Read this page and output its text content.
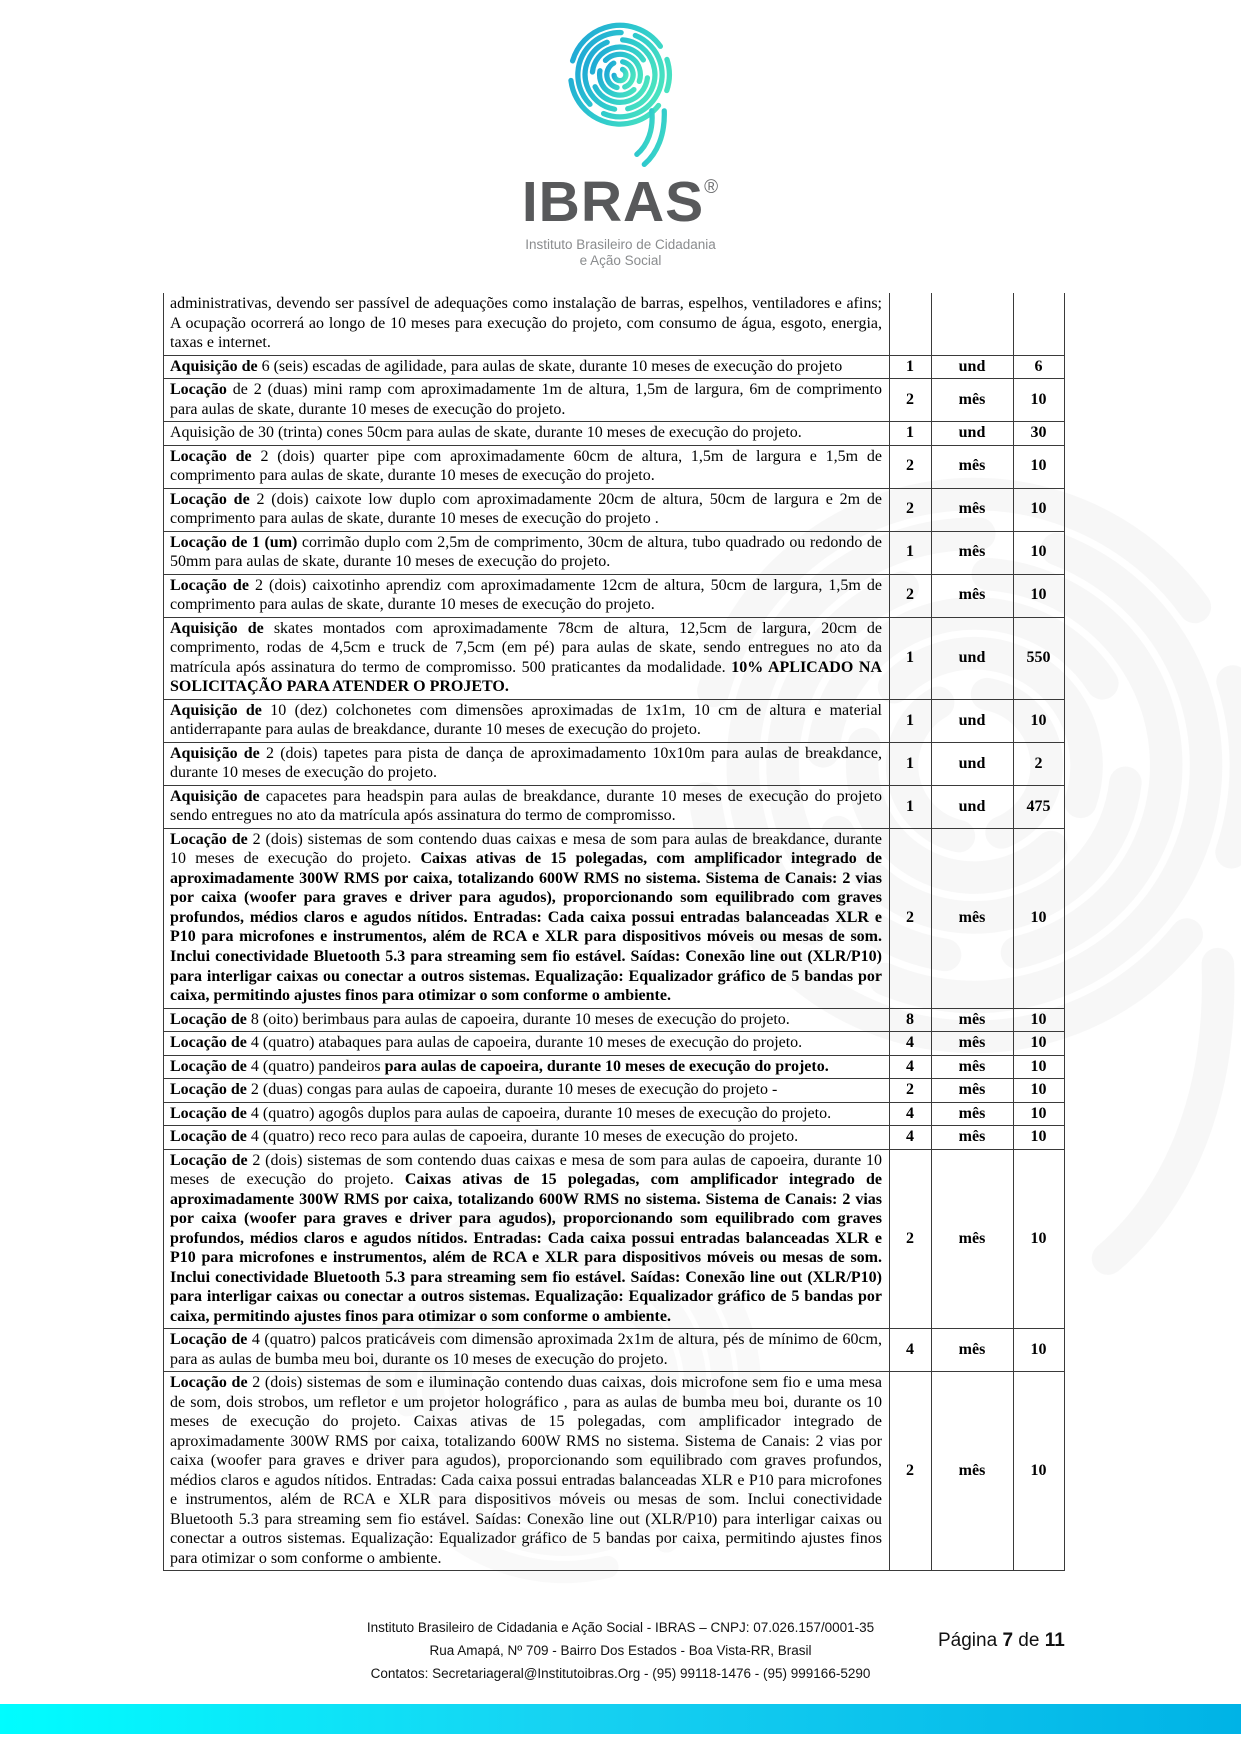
IBRAS®
Instituto Brasileiro de Cidadania
e Ação Social
administrativas, devendo ser passível de adequações como instalação de barras, espelhos, ventiladores e afins; A ocupação ocorrerá ao longo de 10 meses para execução do projeto, com consumo de água, esgoto, energia, taxas e internet.			
Aquisição de 6 (seis) escadas de agilidade, para aulas de skate, durante 10 meses de execução do projeto	1	und	6
Locação de 2 (duas) mini ramp com aproximadamente 1m de altura, 1,5m de largura, 6m de comprimento para aulas de skate, durante 10 meses de execução do projeto.	2	mês	10
Aquisição de 30 (trinta) cones 50cm para aulas de skate, durante 10 meses de execução do projeto.	1	und	30
Locação de 2 (dois) quarter pipe com aproximadamente 60cm de altura, 1,5m de largura e 1,5m de comprimento para aulas de skate, durante 10 meses de execução do projeto.	2	mês	10
Locação de 2 (dois) caixote low duplo com aproximadamente 20cm de altura, 50cm de largura e 2m de comprimento para aulas de skate, durante 10 meses de execução do projeto .	2	mês	10
Locação de 1 (um) corrimão duplo com 2,5m de comprimento, 30cm de altura, tubo quadrado ou redondo de 50mm para aulas de skate, durante 10 meses de execução do projeto.	1	mês	10
Locação de 2 (dois) caixotinho aprendiz com aproximadamente 12cm de altura, 50cm de largura, 1,5m de comprimento para aulas de skate, durante 10 meses de execução do projeto.	2	mês	10
Aquisição de skates montados com aproximadamente 78cm de altura, 12,5cm de largura, 20cm de comprimento, rodas de 4,5cm e truck de 7,5cm (em pé) para aulas de skate, sendo entregues no ato da matrícula após assinatura do termo de compromisso. 500 praticantes da modalidade. 10% APLICADO NA SOLICITAÇÃO PARA ATENDER O PROJETO.	1	und	550
Aquisição de 10 (dez) colchonetes com dimensões aproximadas de 1x1m, 10 cm de altura e material antiderrapante para aulas de breakdance, durante 10 meses de execução do projeto.	1	und	10
Aquisição de 2 (dois) tapetes para pista de dança de aproximadamento 10x10m para aulas de breakdance, durante 10 meses de execução do projeto.	1	und	2
Aquisição de capacetes para headspin para aulas de breakdance, durante 10 meses de execução do projeto sendo entregues no ato da matrícula após assinatura do termo de compromisso.	1	und	475
Locação de 2 (dois) sistemas de som contendo duas caixas e mesa de som para aulas de breakdance, durante 10 meses de execução do projeto. Caixas ativas de 15 polegadas, com amplificador integrado de aproximadamente 300W RMS por caixa, totalizando 600W RMS no sistema. Sistema de Canais: 2 vias por caixa (woofer para graves e driver para agudos), proporcionando som equilibrado com graves profundos, médios claros e agudos nítidos. Entradas: Cada caixa possui entradas balanceadas XLR e P10 para microfones e instrumentos, além de RCA e XLR para dispositivos móveis ou mesas de som. Inclui conectividade Bluetooth 5.3 para streaming sem fio estável. Saídas: Conexão line out (XLR/P10) para interligar caixas ou conectar a outros sistemas. Equalização: Equalizador gráfico de 5 bandas por caixa, permitindo ajustes finos para otimizar o som conforme o ambiente.	2	mês	10
Locação de 8 (oito) berimbaus para aulas de capoeira, durante 10 meses de execução do projeto.	8	mês	10
Locação de 4 (quatro) atabaques para aulas de capoeira, durante 10 meses de execução do projeto.	4	mês	10
Locação de 4 (quatro) pandeiros para aulas de capoeira, durante 10 meses de execução do projeto.	4	mês	10
Locação de 2 (duas) congas para aulas de capoeira, durante 10 meses de execução do projeto -	2	mês	10
Locação de 4 (quatro) agogôs duplos para aulas de capoeira, durante 10 meses de execução do projeto.	4	mês	10
Locação de 4 (quatro) reco reco para aulas de capoeira, durante 10 meses de execução do projeto.	4	mês	10
Locação de 2 (dois) sistemas de som contendo duas caixas e mesa de som para aulas de capoeira, durante 10 meses de execução do projeto. Caixas ativas de 15 polegadas, com amplificador integrado de aproximadamente 300W RMS por caixa, totalizando 600W RMS no sistema. Sistema de Canais: 2 vias por caixa (woofer para graves e driver para agudos), proporcionando som equilibrado com graves profundos, médios claros e agudos nítidos. Entradas: Cada caixa possui entradas balanceadas XLR e P10 para microfones e instrumentos, além de RCA e XLR para dispositivos móveis ou mesas de som. Inclui conectividade Bluetooth 5.3 para streaming sem fio estável. Saídas: Conexão line out (XLR/P10) para interligar caixas ou conectar a outros sistemas. Equalização: Equalizador gráfico de 5 bandas por caixa, permitindo ajustes finos para otimizar o som conforme o ambiente.	2	mês	10
Locação de 4 (quatro) palcos praticáveis com dimensão aproximada 2x1m de altura, pés de mínimo de 60cm, para as aulas de bumba meu boi, durante os 10 meses de execução do projeto.	4	mês	10
Locação de 2 (dois) sistemas de som e iluminação contendo duas caixas, dois microfone sem fio e uma mesa de som, dois strobos, um refletor e um projetor holográfico , para as aulas de bumba meu boi, durante os 10 meses de execução do projeto. Caixas ativas de 15 polegadas, com amplificador integrado de aproximadamente 300W RMS por caixa, totalizando 600W RMS no sistema. Sistema de Canais: 2 vias por caixa (woofer para graves e driver para agudos), proporcionando som equilibrado com graves profundos, médios claros e agudos nítidos. Entradas: Cada caixa possui entradas balanceadas XLR e P10 para microfones e instrumentos, além de RCA e XLR para dispositivos móveis ou mesas de som. Inclui conectividade Bluetooth 5.3 para streaming sem fio estável. Saídas: Conexão line out (XLR/P10) para interligar caixas ou conectar a outros sistemas. Equalização: Equalizador gráfico de 5 bandas por caixa, permitindo ajustes finos para otimizar o som conforme o ambiente.	2	mês	10
Instituto Brasileiro de Cidadania e Ação Social - IBRAS – CNPJ: 07.026.157/0001-35
Rua Amapá, Nº 709 - Bairro Dos Estados - Boa Vista-RR, Brasil
Contatos: Secretariageral@Institutoibras.Org - (95) 99118-1476 - (95) 999166-5290
Página 7 de 11
